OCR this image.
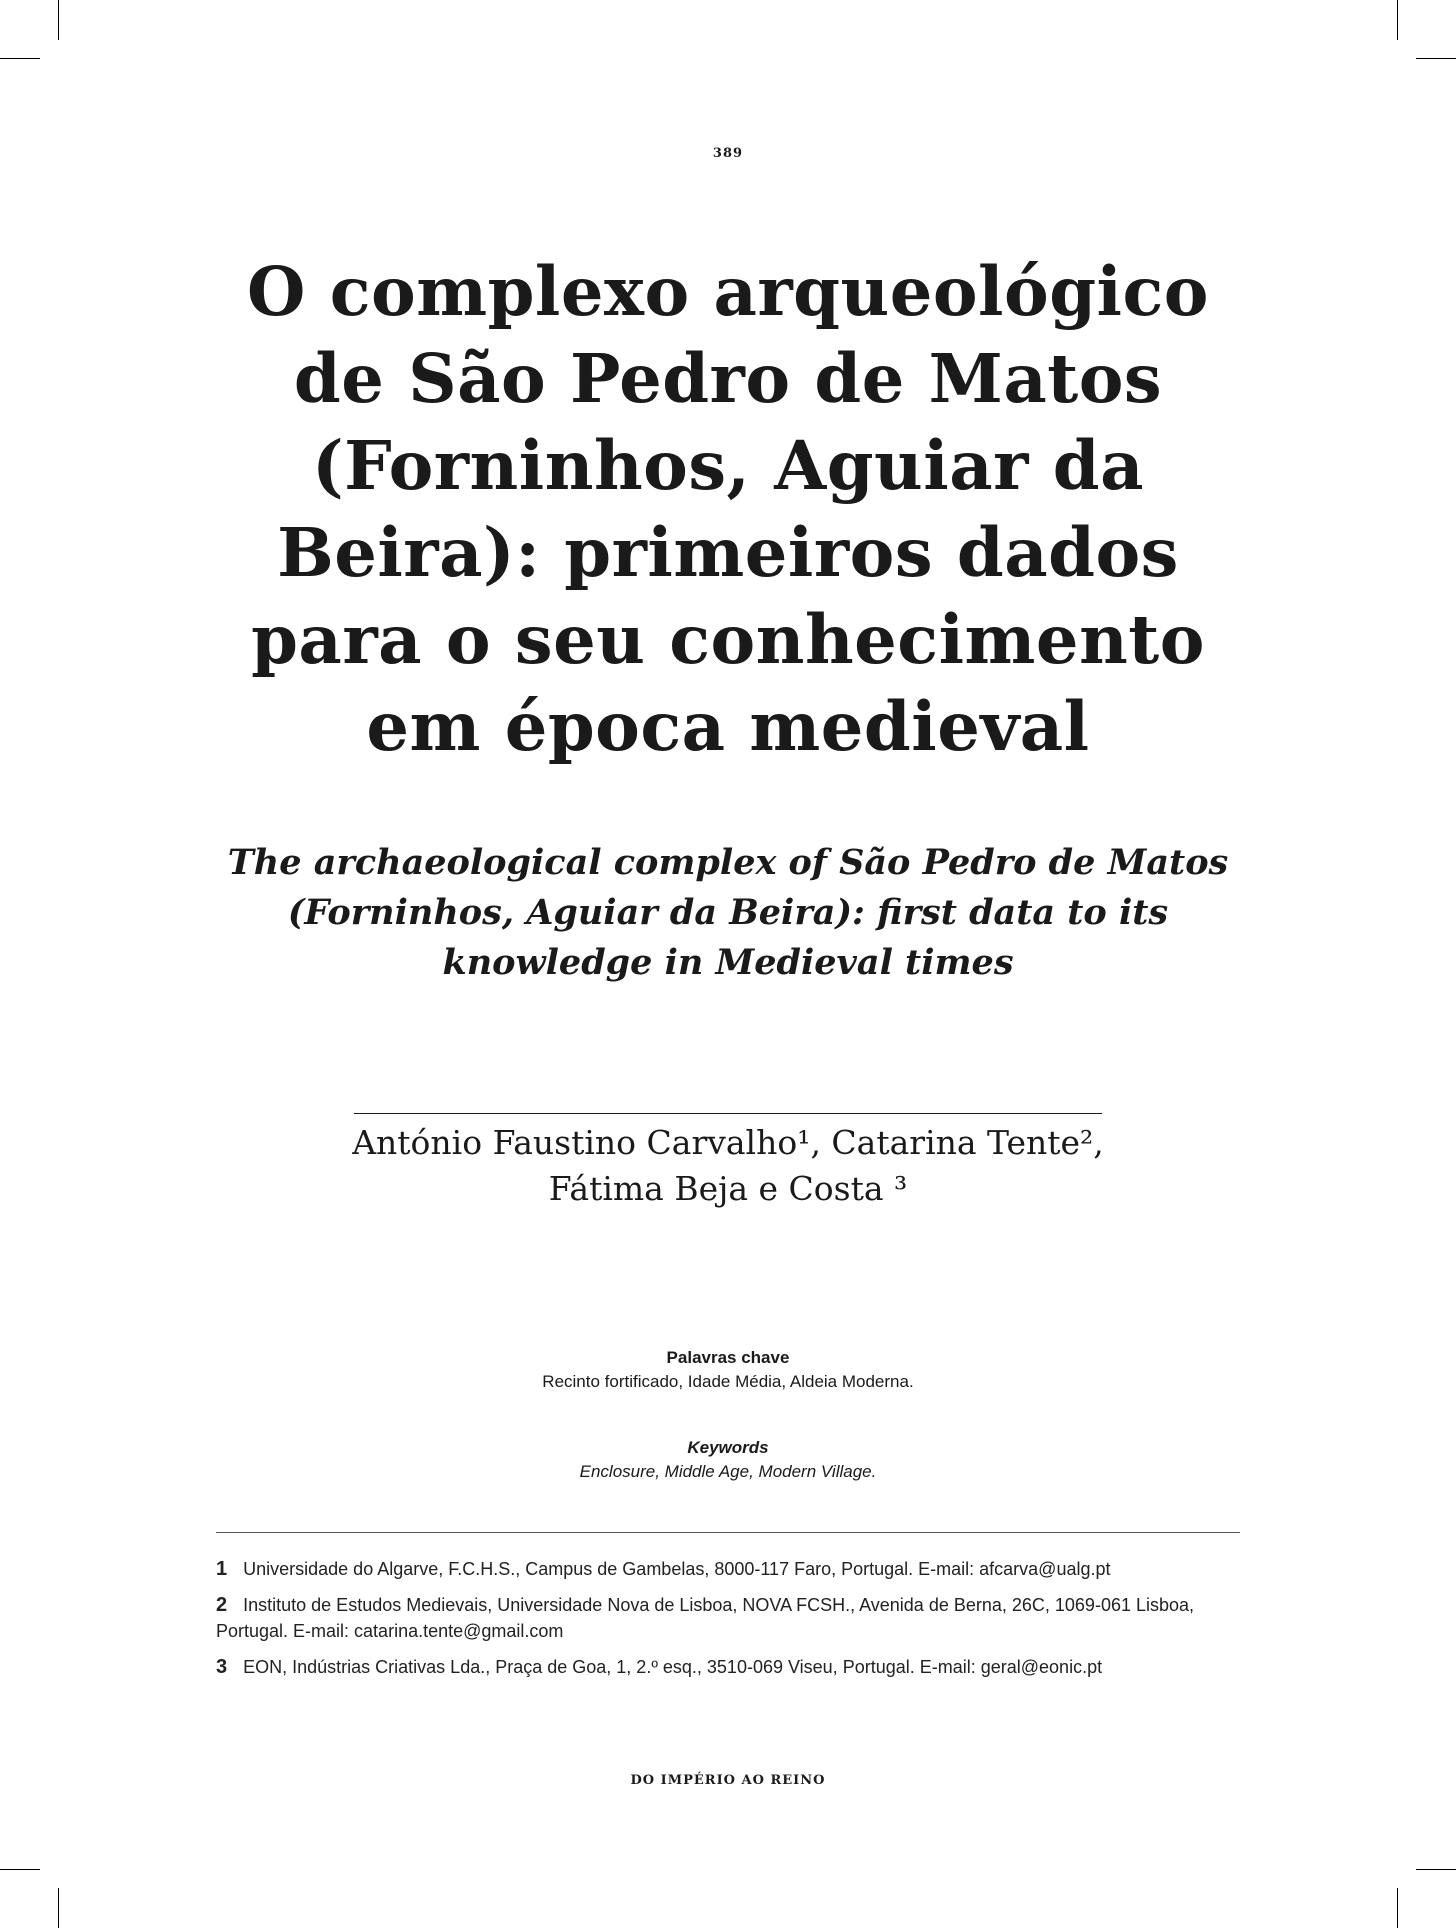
389
O complexo arqueológico
de São Pedro de Matos
(Forninhos, Aguiar da
Beira): primeiros dados
para o seu conhecimento
em época medieval
The archaeological complex of São Pedro de Matos
(Forninhos, Aguiar da Beira): first data to its
knowledge in Medieval times
António Faustino Carvalho¹, Catarina Tente²,
Fátima Beja e Costa ³
Palavras chave
Recinto fortificado, Idade Média, Aldeia Moderna.
Keywords
Enclosure, Middle Age, Modern Village.

1 Universidade do Algarve, F.C.H.S., Campus de Gambelas, 8000-117 Faro, Portugal. E-mail: afcarva@ualg.pt

2 Instituto de Estudos Medievais, Universidade Nova de Lisboa, NOVA FCSH., Avenida de Berna, 26C, 1069-061 Lisboa, Portugal. E-mail: catarina.tente@gmail.com

3 EON, Indústrias Criativas Lda., Praça de Goa, 1, 2.º esq., 3510-069 Viseu, Portugal. E-mail: geral@eonic.pt

DO IMPÉRIO AO REINO
